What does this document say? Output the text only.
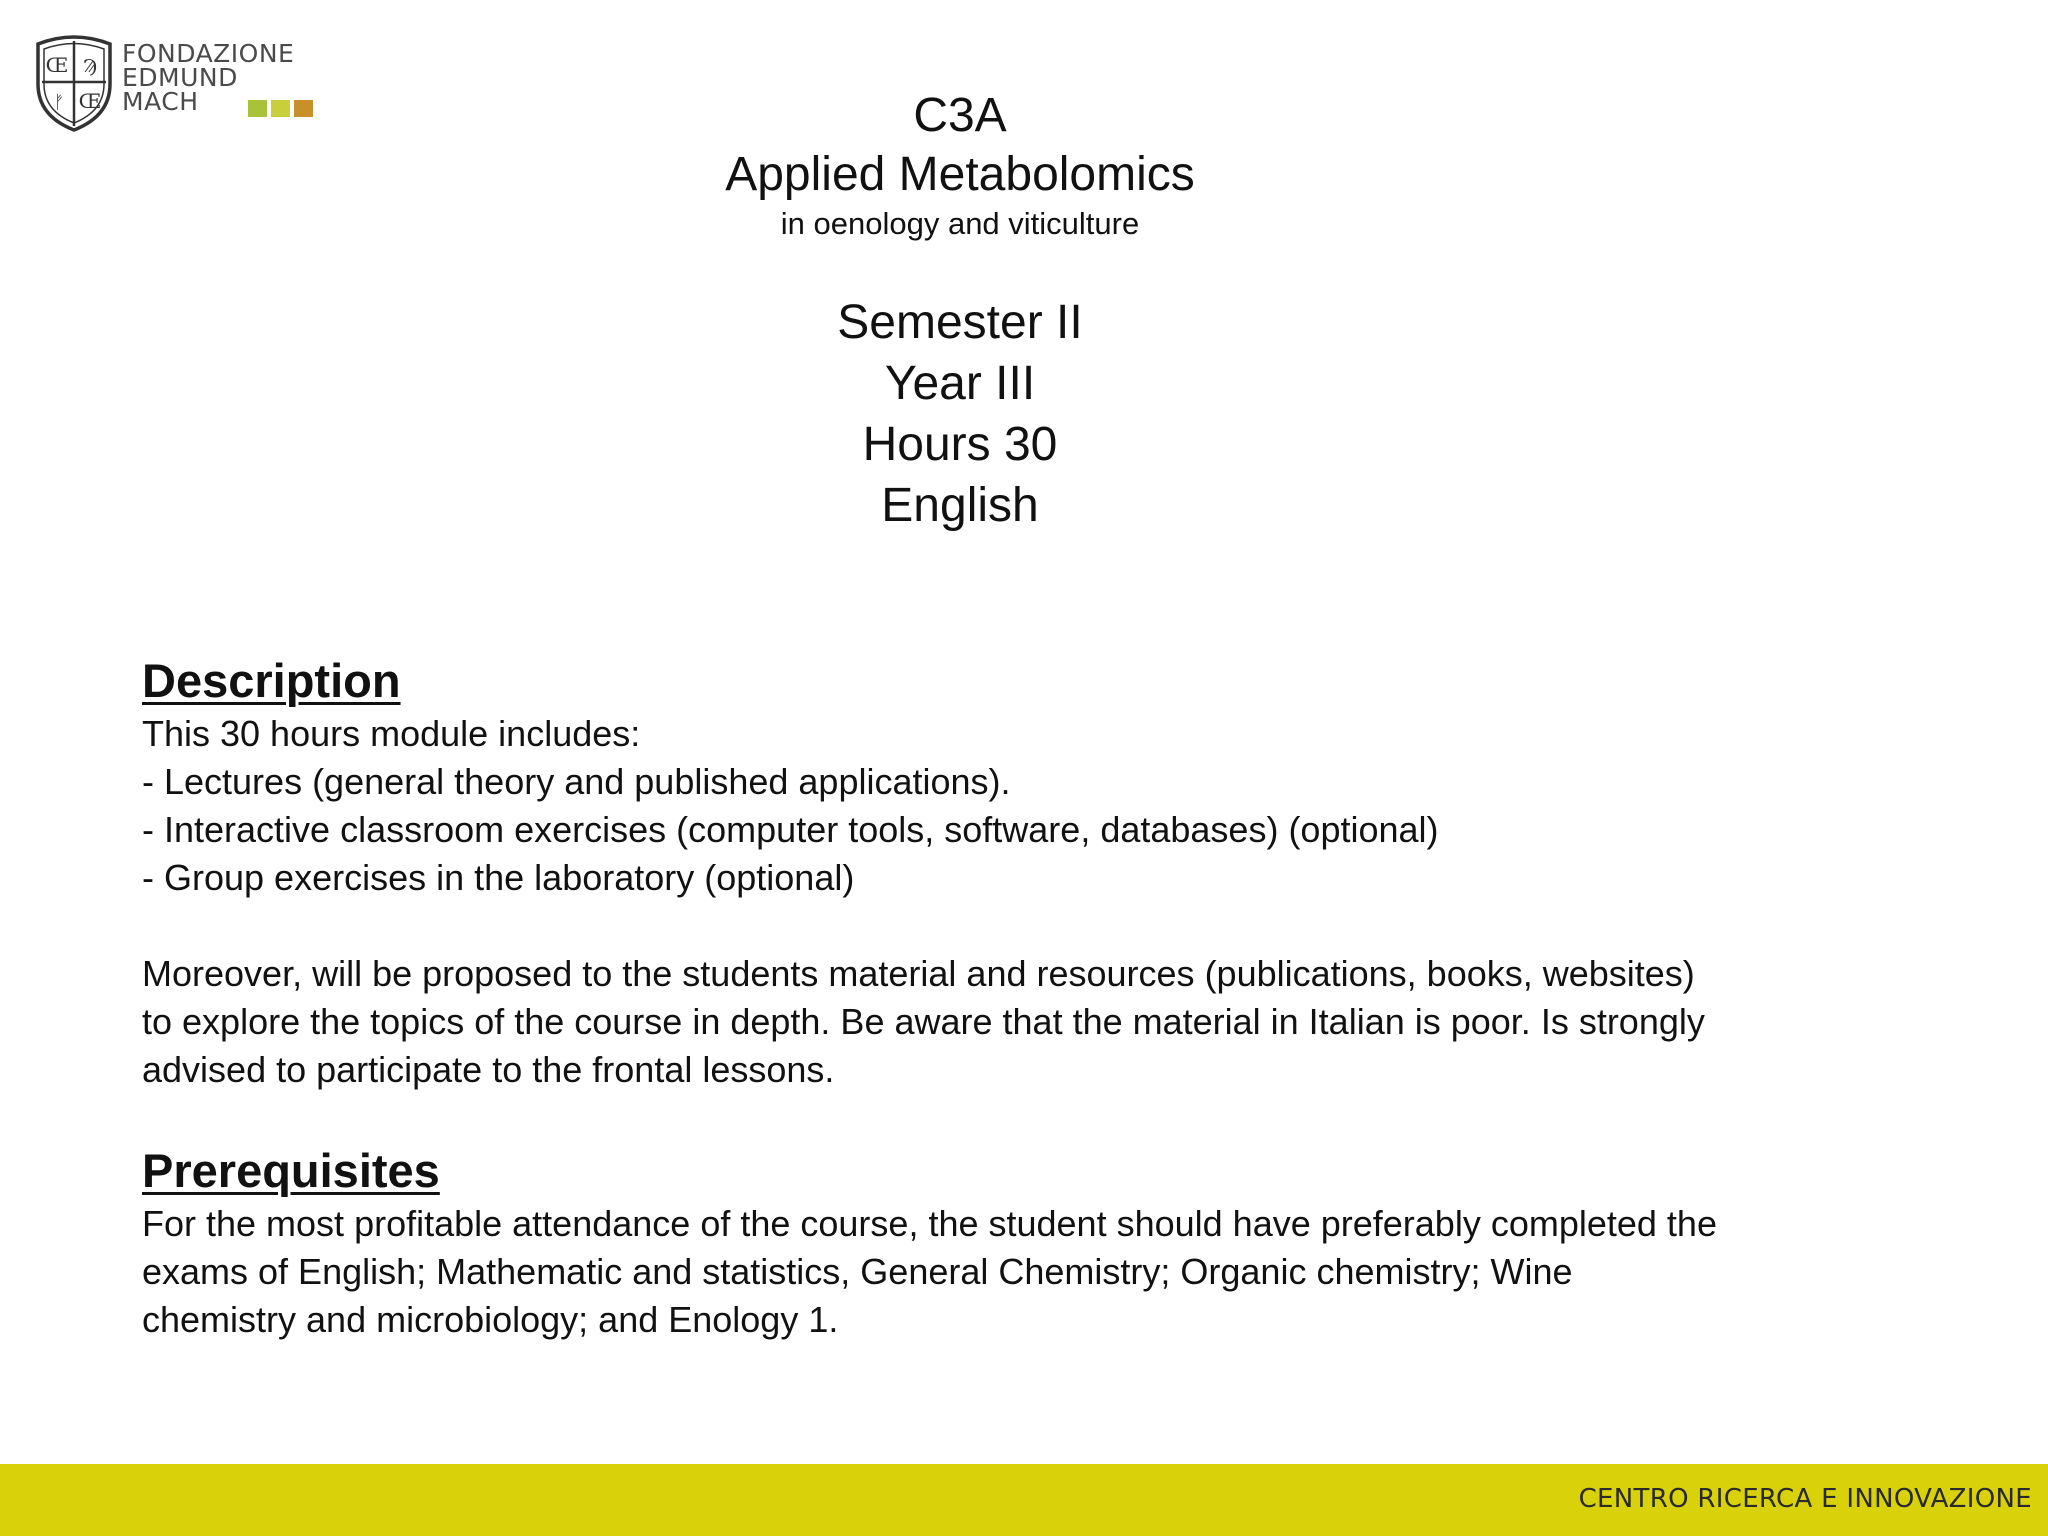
Œ Ϡ
ᚠ Œ
FONDAZIONE
EDMUND
MACH	C3A

Applied Metabolomics

in oenology and viticulture

Semester II
Year III
Hours 30
English
Description

This 30 hours module includes:

- Lectures (general theory and published applications).

- Interactive classroom exercises (computer tools, software, databases) (optional)

- Group exercises in the laboratory (optional)

Moreover, will be proposed to the students material and resources (publications, books, websites)

to explore the topics of the course in depth. Be aware that the material in Italian is poor. Is strongly

advised to participate to the frontal lessons.

Prerequisites

For the most profitable attendance of the course, the student should have preferably completed the

exams of English; Mathematic and statistics, General Chemistry; Organic chemistry; Wine

chemistry and microbiology; and Enology 1.

CENTRO RICERCA E INNOVAZIONE
